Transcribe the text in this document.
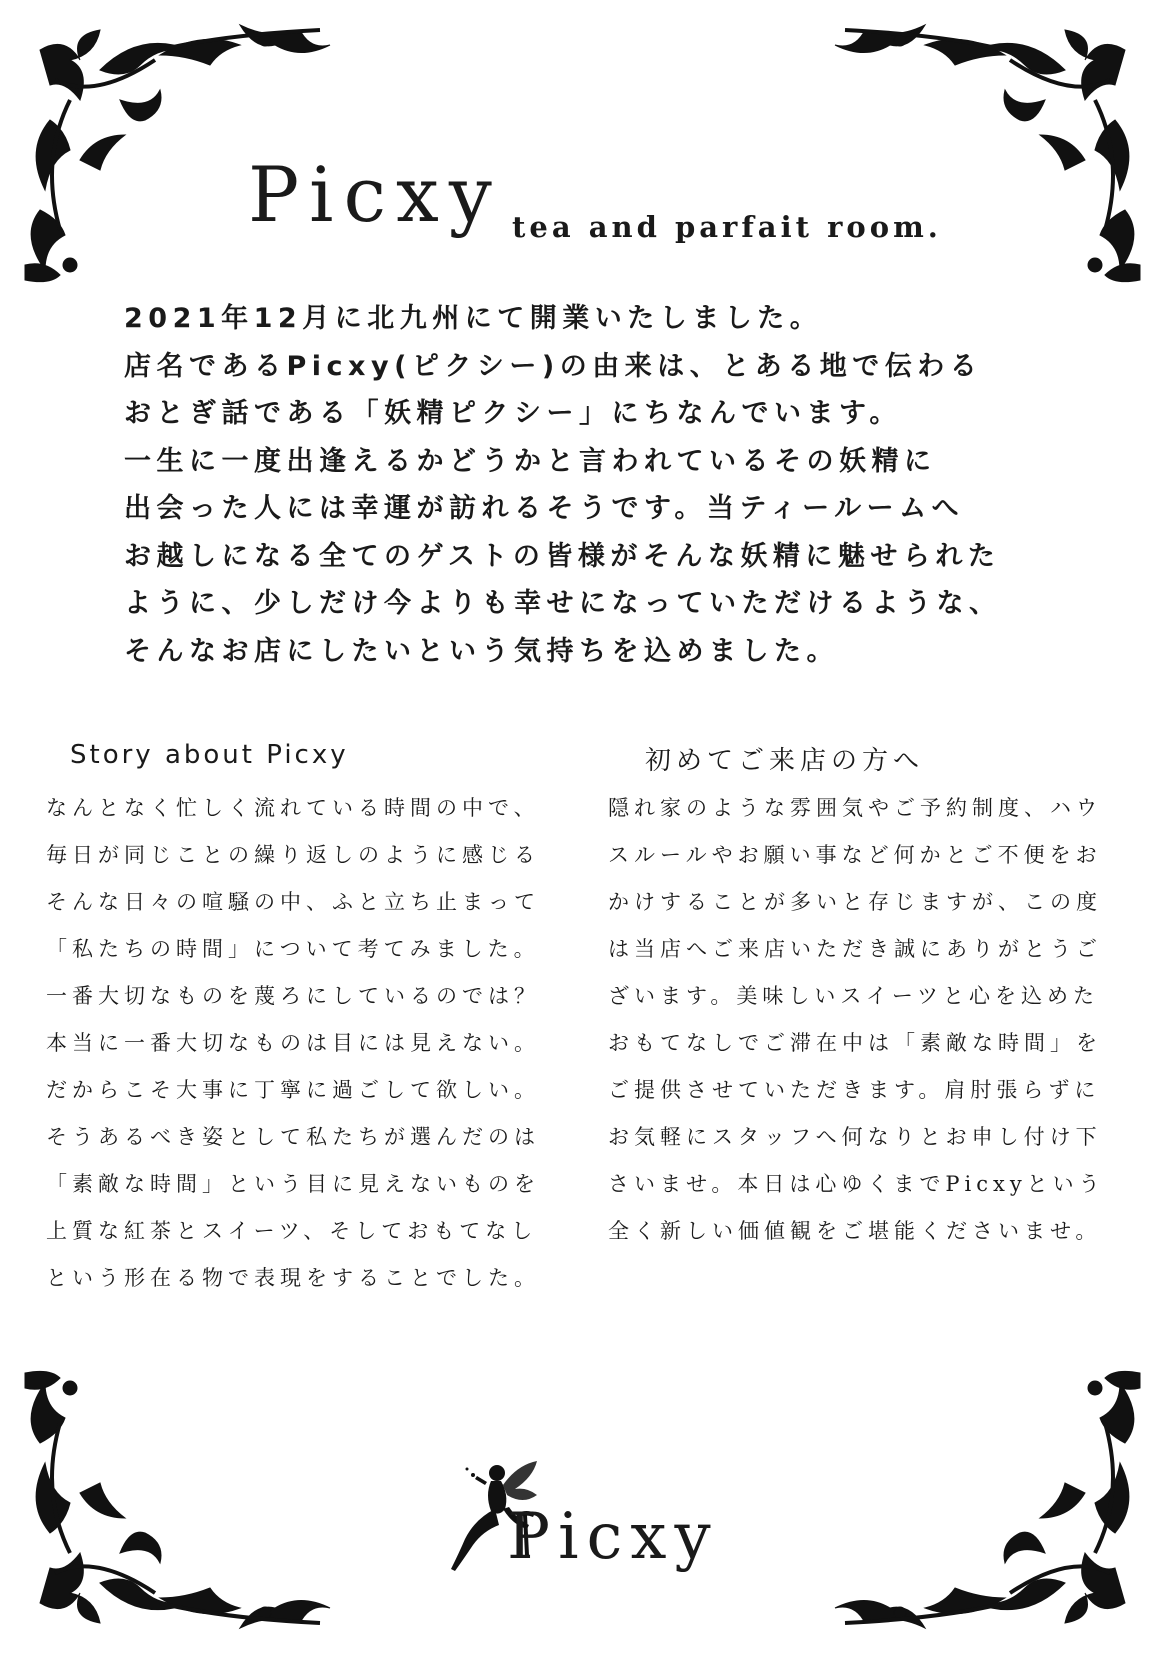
Picxy tea and parfait room.

2021年12月に北九州にて開業いたしました。

店名であるPicxy(ピクシー)の由来は、とある地で伝わる

おとぎ話である「妖精ピクシー」にちなんでいます。

一生に一度出逢えるかどうかと言われているその妖精に

出会った人には幸運が訪れるそうです。当ティールームへ

お越しになる全てのゲストの皆様がそんな妖精に魅せられた

ように、少しだけ今よりも幸せになっていただけるような、

そんなお店にしたいという気持ちを込めました。

Story about Picxy

なんとなく忙しく流れている時間の中で、

毎日が同じことの繰り返しのように感じる

そんな日々の喧騒の中、ふと立ち止まって

「私たちの時間」について考てみました。

一番大切なものを蔑ろにしているのでは？

本当に一番大切なものは目には見えない。

だからこそ大事に丁寧に過ごして欲しい。

そうあるべき姿として私たちが選んだのは

「素敵な時間」という目に見えないものを

上質な紅茶とスイーツ、そしておもてなし

という形在る物で表現をすることでした。

初めてご来店の方へ

隠れ家のような雰囲気やご予約制度、ハウ

スルールやお願い事など何かとご不便をお

かけすることが多いと存じますが、この度

は当店へご来店いただき誠にありがとうご

ざいます。美味しいスイーツと心を込めた

おもてなしでご滞在中は「素敵な時間」を

ご提供させていただきます。肩肘張らずに

お気軽にスタッフへ何なりとお申し付け下

さいませ。本日は心ゆくまでPicxyという

全く新しい価値観をご堪能くださいませ。

Picxy
